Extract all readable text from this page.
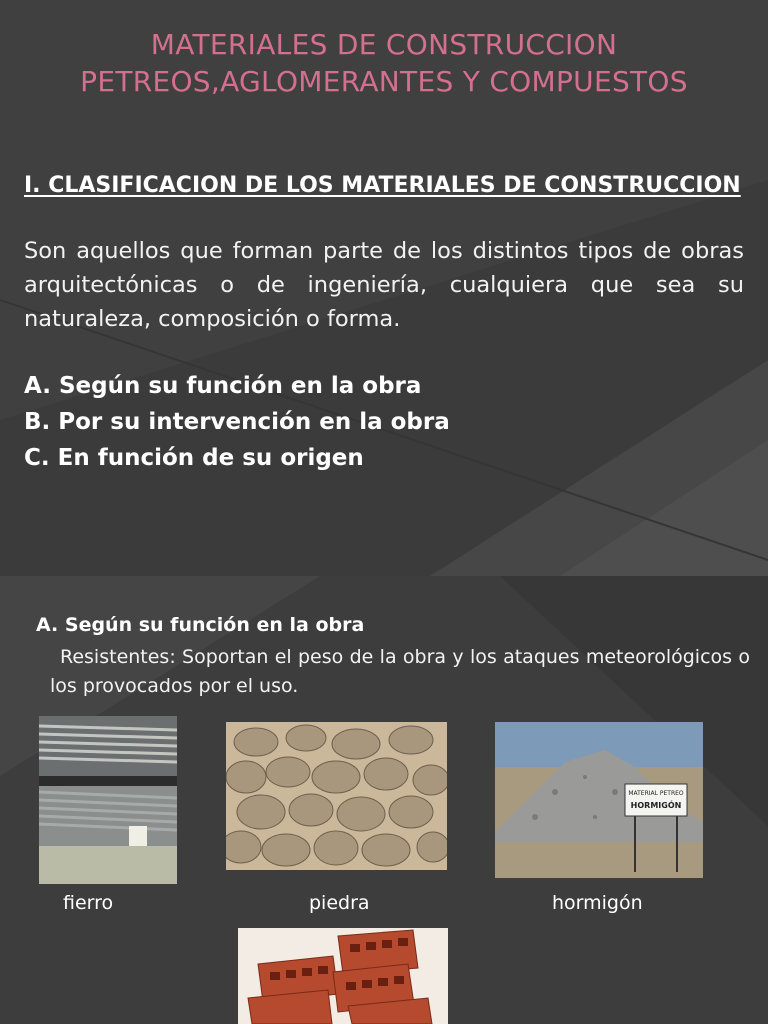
MATERIALES DE CONSTRUCCION PETREOS,AGLOMERANTES Y COMPUESTOS
I. CLASIFICACION DE LOS MATERIALES DE CONSTRUCCION
Son aquellos que forman parte de los distintos tipos de obras arquitectónicas o de ingeniería, cualquiera que sea su naturaleza, composición o forma.
A. Según su función en la obra
B. Por su intervención en la obra
C. En función de su origen
A. Según su función en la obra
Resistentes: Soportan el peso de la obra y los ataques meteorológicos o los provocados por el uso.
MATERIAL PETREO
HORMIGÓN
fierro	piedra	hormigón
